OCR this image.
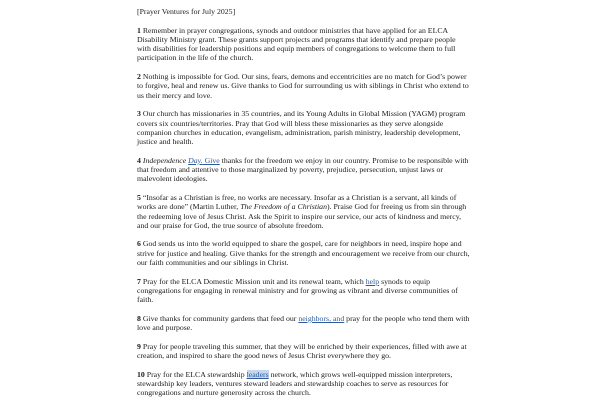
[Prayer Ventures for July 2025]

1 Remember in prayer congregations, synods and outdoor ministries that have applied for an ELCA Disability Ministry grant. These grants support projects and programs that identify and prepare people with disabilities for leadership positions and equip members of congregations to welcome them to full participation in the life of the church.

2 Nothing is impossible for God. Our sins, fears, demons and eccentricities are no match for God’s power to forgive, heal and renew us. Give thanks to God for surrounding us with siblings in Christ who extend to us their mercy and love.

3 Our church has missionaries in 35 countries, and its Young Adults in Global Mission (YAGM) program covers six countries/territories. Pray that God will bless these missionaries as they serve alongside companion churches in education, evangelism, administration, parish ministry, leadership development, justice and health.

4 Independence Day. Give thanks for the freedom we enjoy in our country. Promise to be responsible with that freedom and attentive to those marginalized by poverty, prejudice, persecution, unjust laws or malevolent ideologies.

5 “Insofar as a Christian is free, no works are necessary. Insofar as a Christian is a servant, all kinds of works are done” (Martin Luther, The Freedom of a Christian). Praise God for freeing us from sin through the redeeming love of Jesus Christ. Ask the Spirit to inspire our service, our acts of kindness and mercy, and our praise for God, the true source of absolute freedom.

6 God sends us into the world equipped to share the gospel, care for neighbors in need, inspire hope and strive for justice and healing. Give thanks for the strength and encouragement we receive from our church, our faith communities and our siblings in Christ.

7 Pray for the ELCA Domestic Mission unit and its renewal team, which help synods to equip congregations for engaging in renewal ministry and for growing as vibrant and diverse communities of faith.

8 Give thanks for community gardens that feed our neighbors, and pray for the people who tend them with love and purpose.

9 Pray for people traveling this summer, that they will be enriched by their experiences, filled with awe at creation, and inspired to share the good news of Jesus Christ everywhere they go.

10 Pray for the ELCA stewardship leaders network, which grows well-equipped mission interpreters, stewardship key leaders, ventures steward leaders and stewardship coaches to serve as resources for congregations and nurture generosity across the church.
